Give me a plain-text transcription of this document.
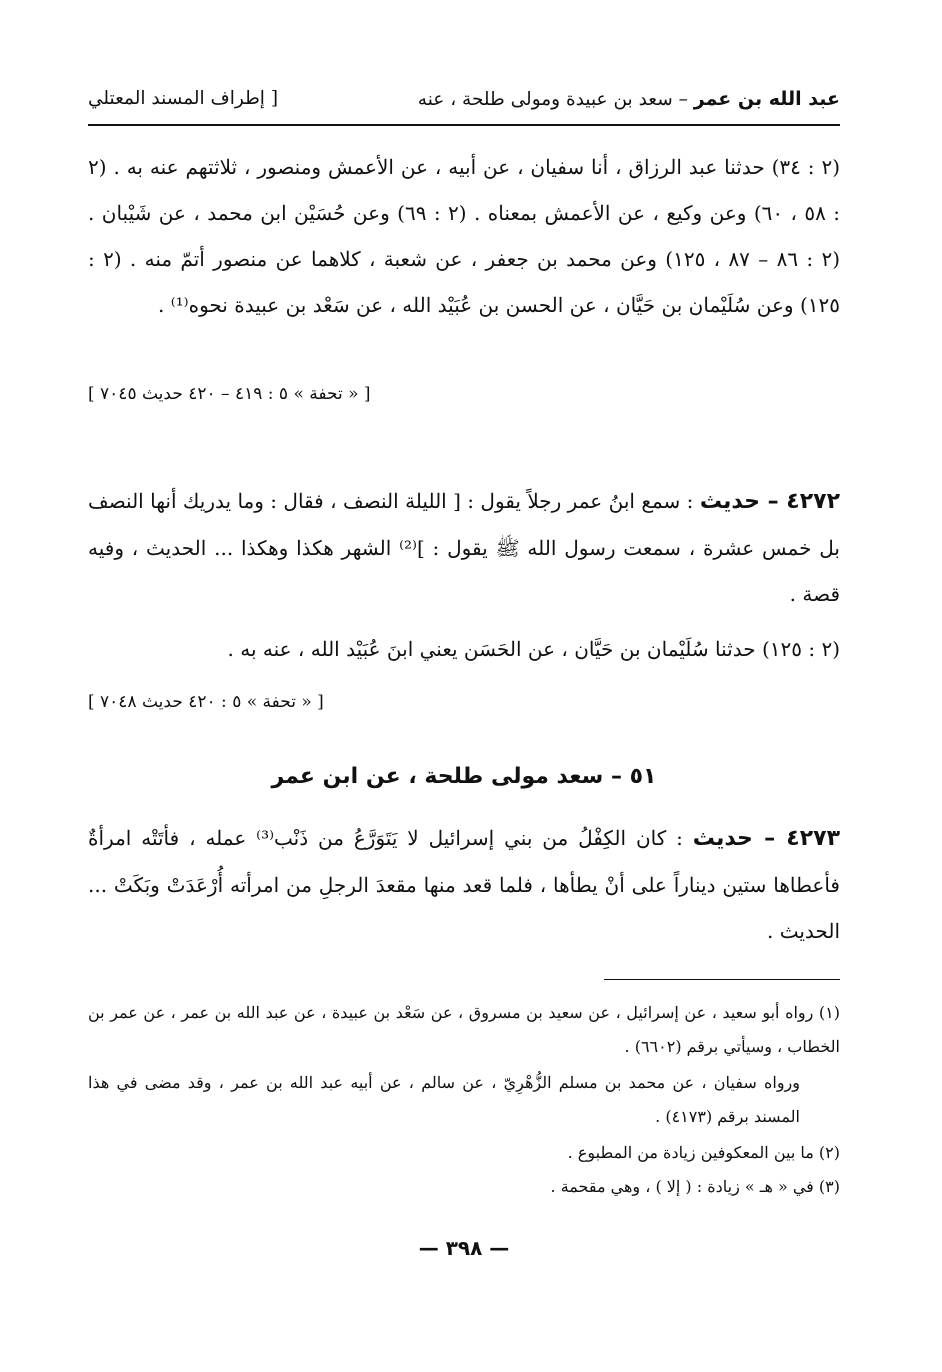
عبد الله بن عمر – سعد بن عبيدة ومولى طلحة ، عنه
[ إطراف المسند المعتلي
(٢ : ٣٤) حدثنا عبد الرزاق ، أنا سفيان ، عن أبيه ، عن الأعمش ومنصور ، ثلاثتهم عنه به . (٢ : ٥٨ ، ٦٠) وعن وكيع ، عن الأعمش بمعناه . (٢ : ٦٩) وعن حُسَيْن ابن محمد ، عن شَيْبان . (٢ : ٨٦ – ٨٧ ، ١٢٥) وعن محمد بن جعفر ، عن شعبة ، كلاهما عن منصور أتمّ منه . (٢ : ١٢٥) وعن سُلَيْمان بن حَيَّان ، عن الحسن بن عُبَيْد الله ، عن سَعْد بن عبيدة نحوه⁽¹⁾ .
[ « تحفة » ٥ : ٤١٩ – ٤٢٠ حديث ٧٠٤٥ ]
٤٢٧٢ – حديث : سمع ابنُ عمر رجلاً يقول : [ الليلة النصف ، فقال : وما يدريك أنها النصف بل خمس عشرة ، سمعت رسول الله ﷺ يقول : ]⁽²⁾ الشهر هكذا وهكذا ... الحديث ، وفيه قصة .
(٢ : ١٢٥) حدثنا سُلَيْمان بن حَيَّان ، عن الحَسَن يعني ابنَ عُبَيْد الله ، عنه به .
[ « تحفة » ٥ : ٤٢٠ حديث ٧٠٤٨ ]
٥١ – سعد مولى طلحة ، عن ابن عمر
٤٢٧٣ – حديث : كان الكِفْلُ من بني إسرائيل لا يَتَوَرَّعُ من ذَنْب⁽³⁾ عمله ، فأتَتْه امرأةٌ فأعطاها ستين ديناراً على أنْ يطأها ، فلما قعد منها مقعدَ الرجلِ من امرأته أُرْعَدَتْ وبَكَتْ ... الحديث .
(١) رواه أبو سعيد ، عن إسرائيل ، عن سعيد بن مسروق ، عن سَعْد بن عبيدة ، عن عبد الله بن عمر ، عن عمر بن الخطاب ، وسيأتي برقم (٦٦٠٢) .
ورواه سفيان ، عن محمد بن مسلم الزُّهْرِيّ ، عن سالم ، عن أبيه عبد الله بن عمر ، وقد مضى في هذا المسند برقم (٤١٧٣) .
(٢) ما بين المعكوفين زيادة من المطبوع .
(٣) في « هـ » زيادة : ( إلا ) ، وهي مقحمة .
— ٣٩٨ —
